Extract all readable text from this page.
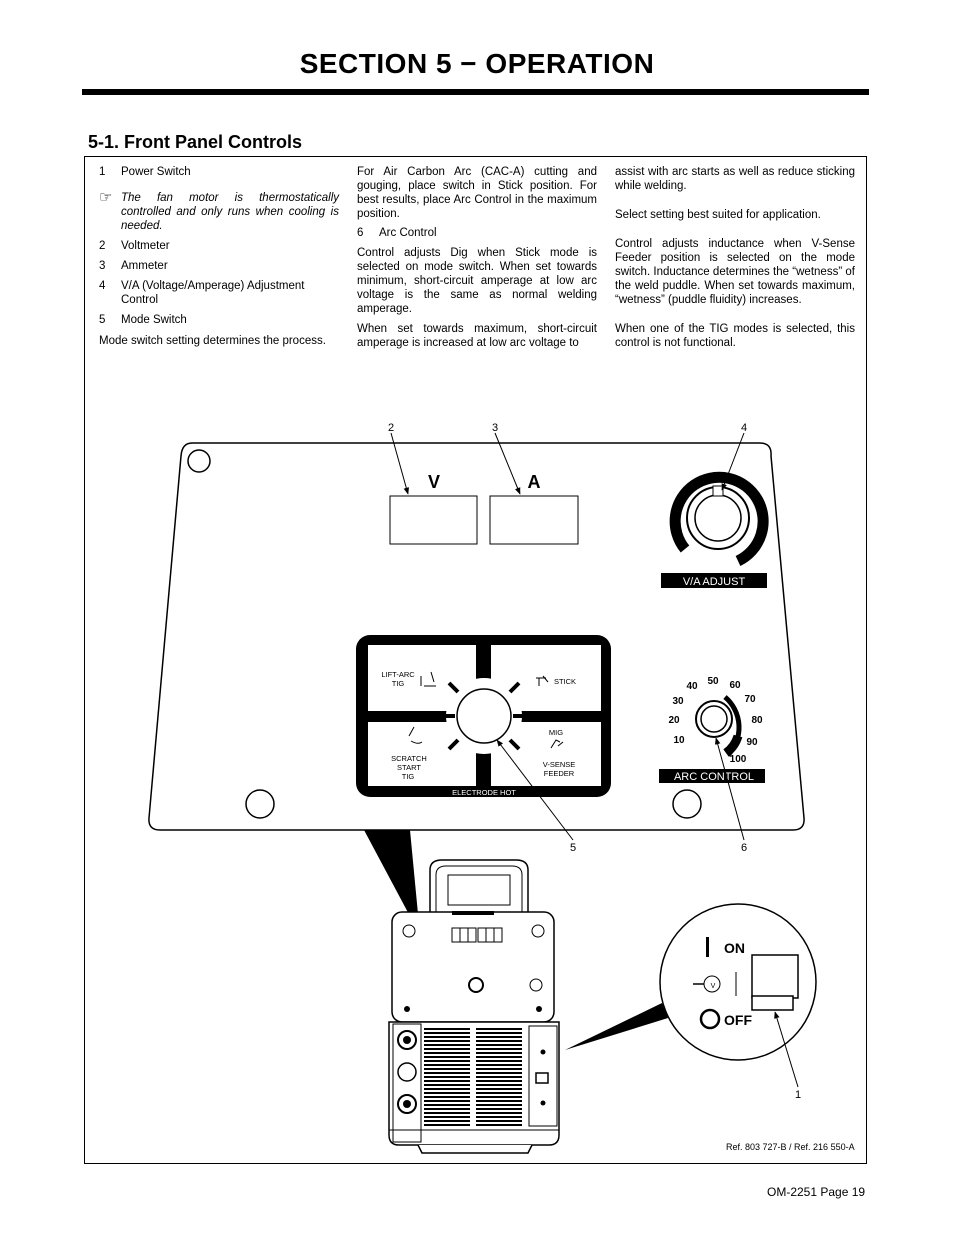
SECTION 5 − OPERATION
5-1. Front Panel Controls
1	Power Switch
☞ The fan motor is thermostatically controlled and only runs when cooling is needed.
2	Voltmeter
3	Ammeter
4	V/A (Voltage/Amperage) Adjustment Control
5	Mode Switch

Mode switch setting determines the process.

For Air Carbon Arc (CAC-A) cutting and gouging, place switch in Stick position. For best results, place Arc Control in the maximum position.

6	Arc Control

Control adjusts Dig when Stick mode is selected on mode switch. When set towards minimum, short-circuit amperage at low arc voltage is the same as normal welding amperage.

When set towards maximum, short-circuit amperage is increased at low arc voltage to

assist with arc starts as well as reduce sticking while welding.

Select setting best suited for application.

Control adjusts inductance when V-Sense Feeder position is selected on the mode switch. Inductance determines the “wetness” of the weld puddle. When set towards maximum, “wetness” (puddle fluidity) increases.

When one of the TIG modes is selected, this control is not functional.

2	3	4
5	6
1
V	A
V/A ADJUST
LIFT-ARC
TIG	STICK
SCRATCH
START
TIG
MIG
V-SENSE
FEEDER
ELECTRODE HOT
10
20
30
40 50 60
70
80
90
100
ARC CONTROL
ON
OFF
V
Ref. 803 727-B / Ref. 216 550-A
OM-2251 Page 19
